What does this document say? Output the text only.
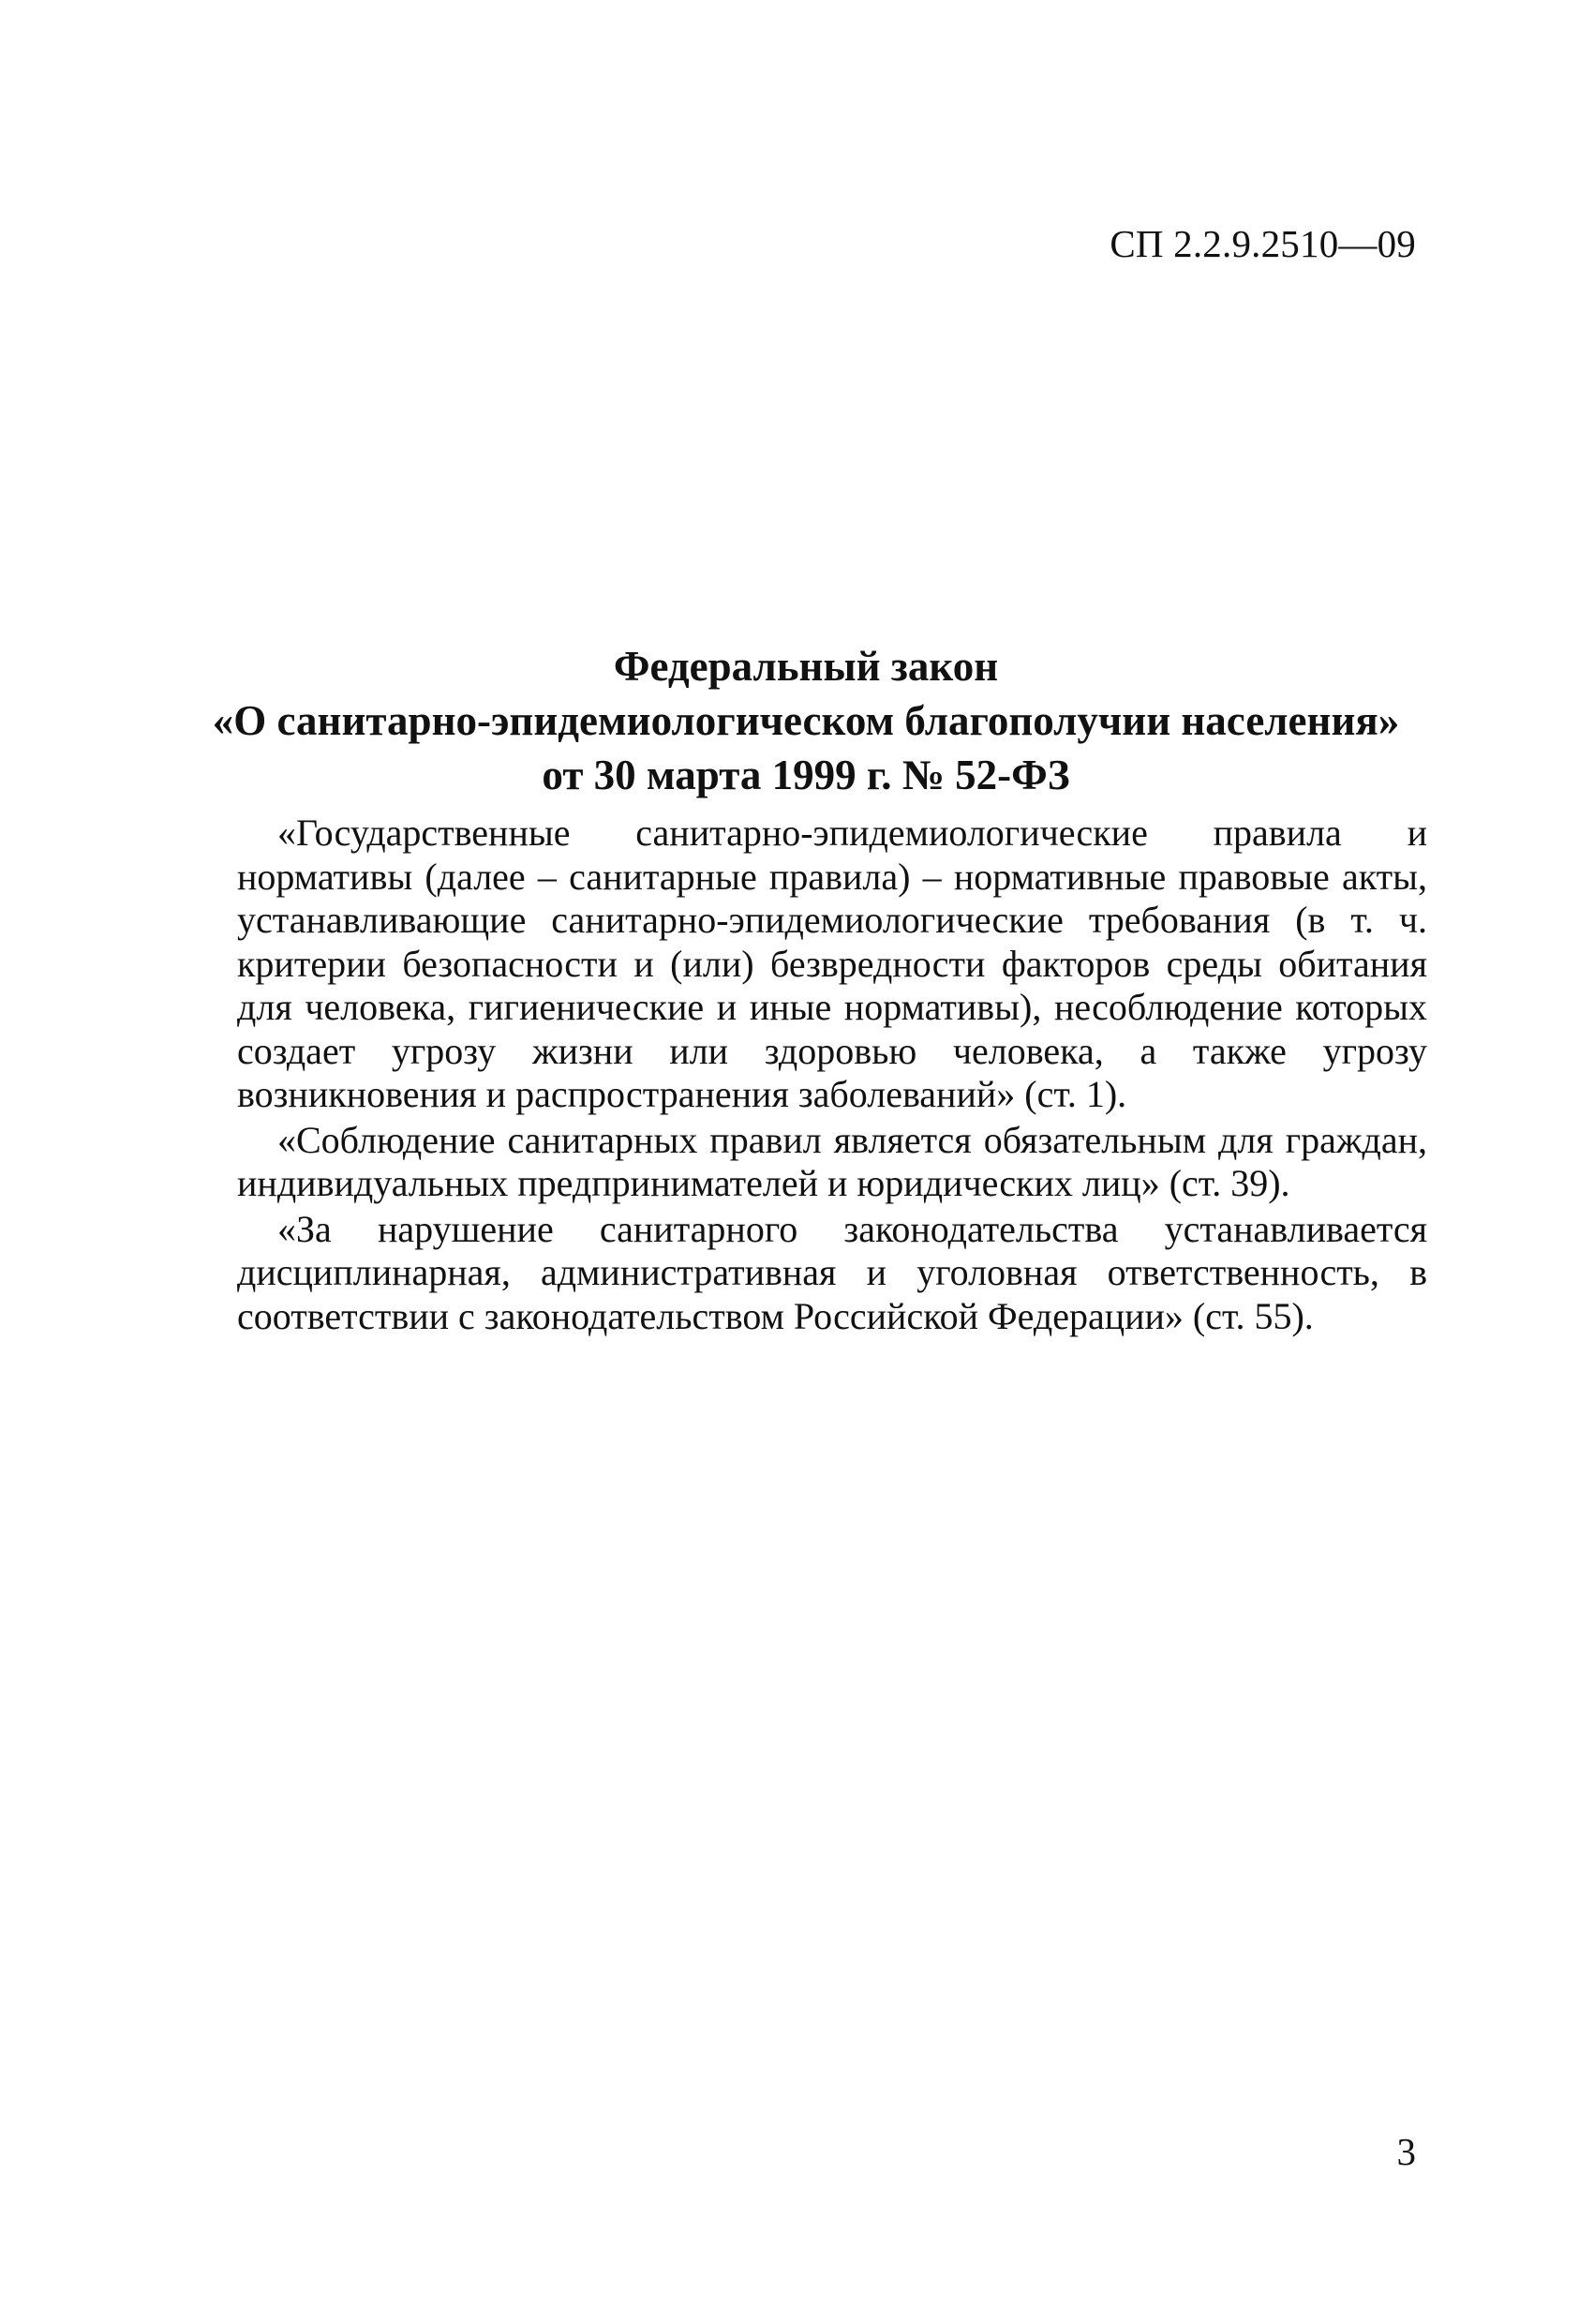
СП 2.2.9.2510—09
Федеральный закон
«О санитарно-эпидемиологическом благополучии населения»
от 30 марта 1999 г. № 52-ФЗ

«Государственные санитарно-эпидемиологические правила и нормативы (далее – санитарные правила) – нормативные правовые акты, устанавливающие санитарно-эпидемиологические требования (в т. ч. критерии безопасности и (или) безвредности факторов среды обитания для человека, гигиенические и иные нормативы), несоблюдение которых создает угрозу жизни или здоровью человека, а также угрозу возникновения и распространения заболеваний» (ст. 1).

«Соблюдение санитарных правил является обязательным для граждан, индивидуальных предпринимателей и юридических лиц» (ст. 39).

«За нарушение санитарного законодательства устанавливается дисциплинарная, административная и уголовная ответственность, в соответствии с законодательством Российской Федерации» (ст. 55).

3
